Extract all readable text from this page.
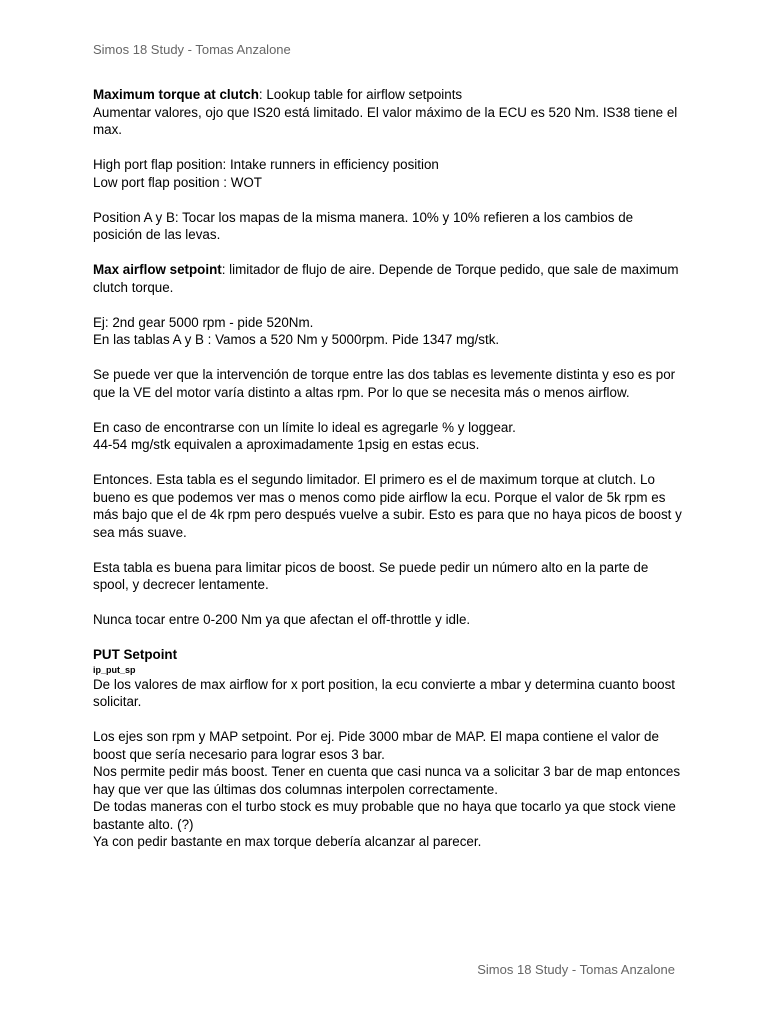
Simos 18 Study - Tomas Anzalone

Maximum torque at clutch: Lookup table for airflow setpoints
Aumentar valores, ojo que IS20 está limitado. El valor máximo de la ECU es 520 Nm. IS38 tiene el max.

High port flap position: Intake runners in efficiency position
Low port flap position : WOT

Position A y B: Tocar los mapas de la misma manera. 10% y 10% refieren a los cambios de posición de las levas.

Max airflow setpoint: limitador de flujo de aire. Depende de Torque pedido, que sale de maximum clutch torque.

Ej: 2nd gear 5000 rpm - pide 520Nm.
En las tablas A y B : Vamos a 520 Nm y 5000rpm. Pide 1347 mg/stk.

Se puede ver que la intervención de torque entre las dos tablas es levemente distinta y eso es por que la VE del motor varía distinto a altas rpm. Por lo que se necesita más o menos airflow.

En caso de encontrarse con un límite lo ideal es agregarle % y loggear.
44-54 mg/stk equivalen a aproximadamente 1psig en estas ecus.

Entonces. Esta tabla es el segundo limitador. El primero es el de maximum torque at clutch. Lo bueno es que podemos ver mas o menos como pide airflow la ecu. Porque el valor de 5k rpm es más bajo que el de 4k rpm pero después vuelve a subir. Esto es para que no haya picos de boost y sea más suave.

Esta tabla es buena para limitar picos de boost. Se puede pedir un número alto en la parte de spool, y decrecer lentamente.

Nunca tocar entre 0-200 Nm ya que afectan el off-throttle y idle.

PUT Setpoint
ip_put_sp
De los valores de max airflow for x port position, la ecu convierte a mbar y determina cuanto boost solicitar.

Los ejes son rpm y MAP setpoint. Por ej. Pide 3000 mbar de MAP. El mapa contiene el valor de boost que sería necesario para lograr esos 3 bar.
Nos permite pedir más boost. Tener en cuenta que casi nunca va a solicitar 3 bar de map entonces hay que ver que las últimas dos columnas interpolen correctamente.
De todas maneras con el turbo stock es muy probable que no haya que tocarlo ya que stock viene bastante alto. (?)
Ya con pedir bastante en max torque debería alcanzar al parecer.

Simos 18 Study - Tomas Anzalone
